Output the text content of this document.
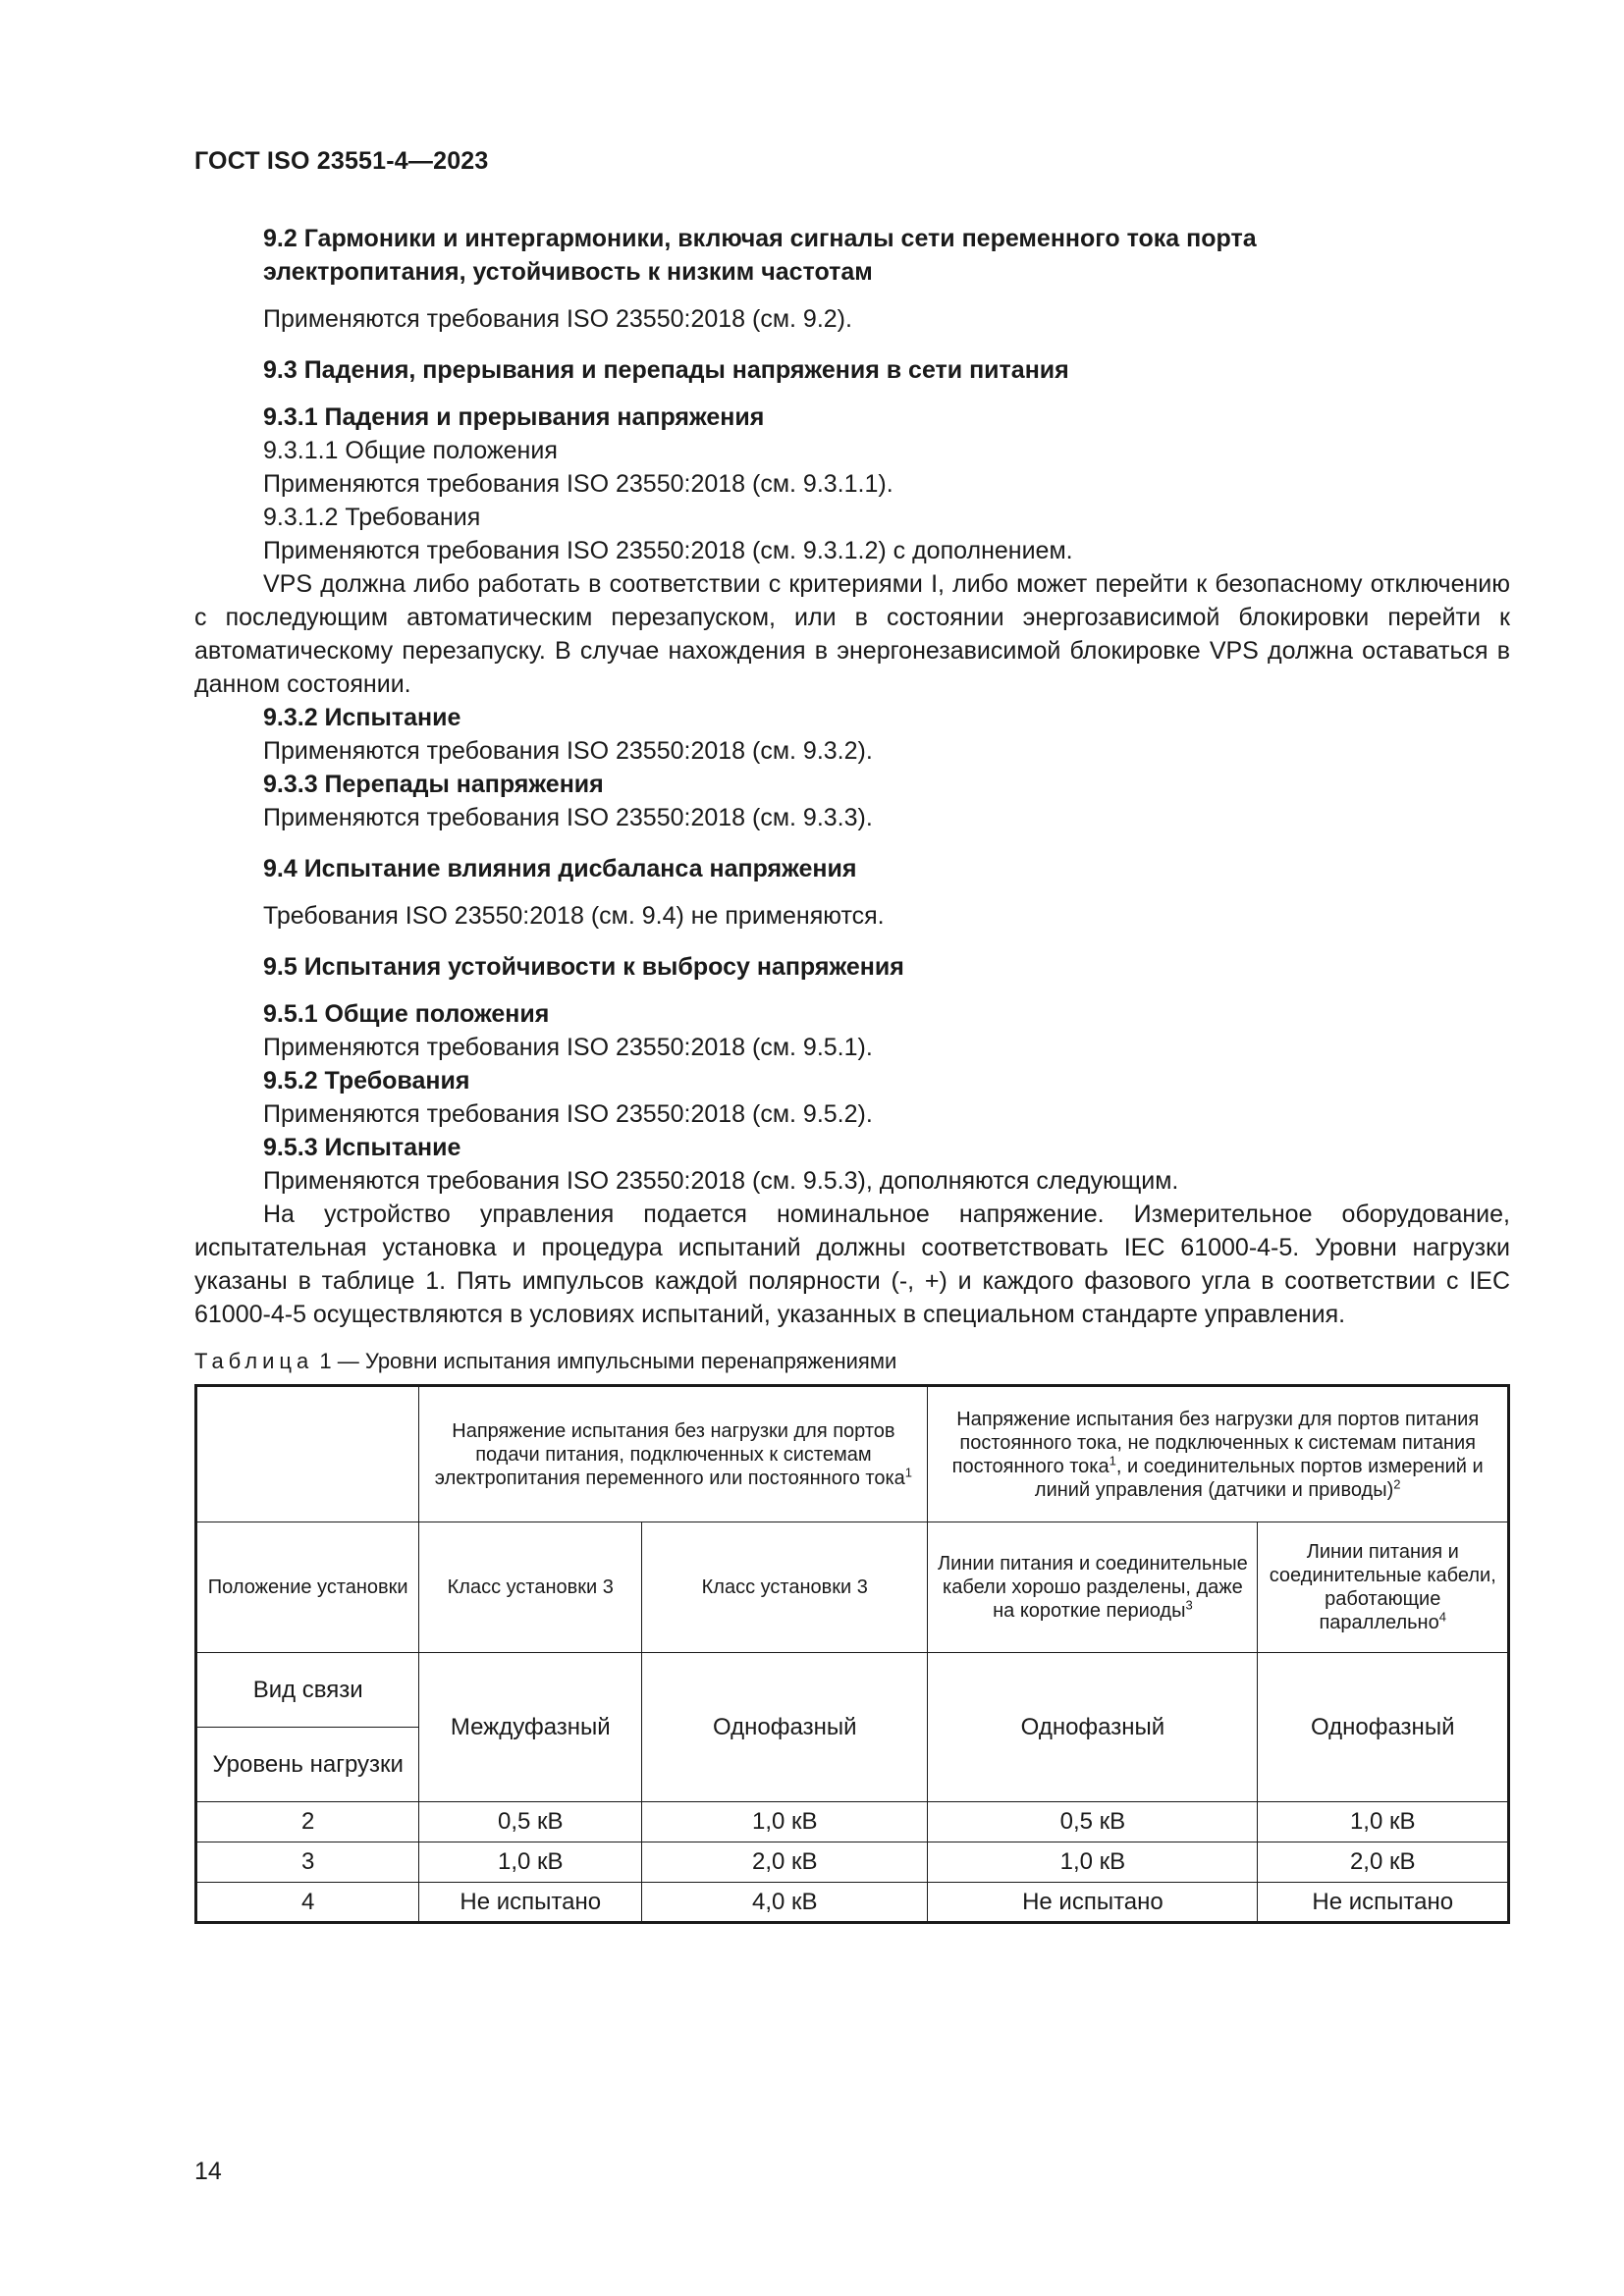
ГОСТ ISO 23551-4—2023

9.2 Гармоники и интергармоники, включая сигналы сети переменного тока порта

электропитания, устойчивость к низким частотам

Применяются требования ISO 23550:2018 (см. 9.2).

9.3 Падения, прерывания и перепады напряжения в сети питания

9.3.1 Падения и прерывания напряжения

9.3.1.1 Общие положения

Применяются требования ISO 23550:2018 (см. 9.3.1.1).

9.3.1.2 Требования

Применяются требования ISO 23550:2018 (см. 9.3.1.2) с дополнением.

VPS должна либо работать в соответствии с критериями I, либо может перейти к безопасному отключению с последующим автоматическим перезапуском, или в состоянии энергозависимой блокировки перейти к автоматическому перезапуску. В случае нахождения в энергонезависимой блокировке VPS должна оставаться в данном состоянии.

9.3.2 Испытание

Применяются требования ISO 23550:2018 (см. 9.3.2).

9.3.3 Перепады напряжения

Применяются требования ISO 23550:2018 (см. 9.3.3).

9.4 Испытание влияния дисбаланса напряжения

Требования ISO 23550:2018 (см. 9.4) не применяются.

9.5 Испытания устойчивости к выбросу напряжения

9.5.1 Общие положения

Применяются требования ISO 23550:2018 (см. 9.5.1).

9.5.2 Требования

Применяются требования ISO 23550:2018 (см. 9.5.2).

9.5.3 Испытание

Применяются требования ISO 23550:2018 (см. 9.5.3), дополняются следующим.

На устройство управления подается номинальное напряжение. Измерительное оборудование, испытательная установка и процедура испытаний должны соответствовать IEC 61000-4-5. Уровни нагрузки указаны в таблице 1. Пять импульсов каждой полярности (-, +) и каждого фазового угла в соответствии с IEC 61000-4-5 осуществляются в условиях испытаний, указанных в специальном стандарте управления.

Таблица 1 — Уровни испытания импульсными перенапряжениями

	Напряжение испытания без нагрузки для портов подачи питания, подключенных к системам электропитания переменного или постоянного тока$^1$		Напряжение испытания без нагрузки для портов питания постоянного тока, не подключенных к системам питания постоянного тока$^1$, и соединительных портов измерений и линий управления (датчики и приводы)$^2$
Положение установки	Класс установки 3	Класс установки 3	Линии питания и соединительные кабели хорошо разделены, даже на короткие периоды$^3$	Линии питания и соединительные кабели, работающие параллельно$^4$
Вид связи	Междуфазный	Однофазный	Однофазный	Однофазный
Уровень нагрузки				
2	0,5 кВ	1,0 кВ	0,5 кВ	1,0 кВ
3	1,0 кВ	2,0 кВ	1,0 кВ	2,0 кВ
4	Не испытано	4,0 кВ	Не испытано	Не испытано
14
